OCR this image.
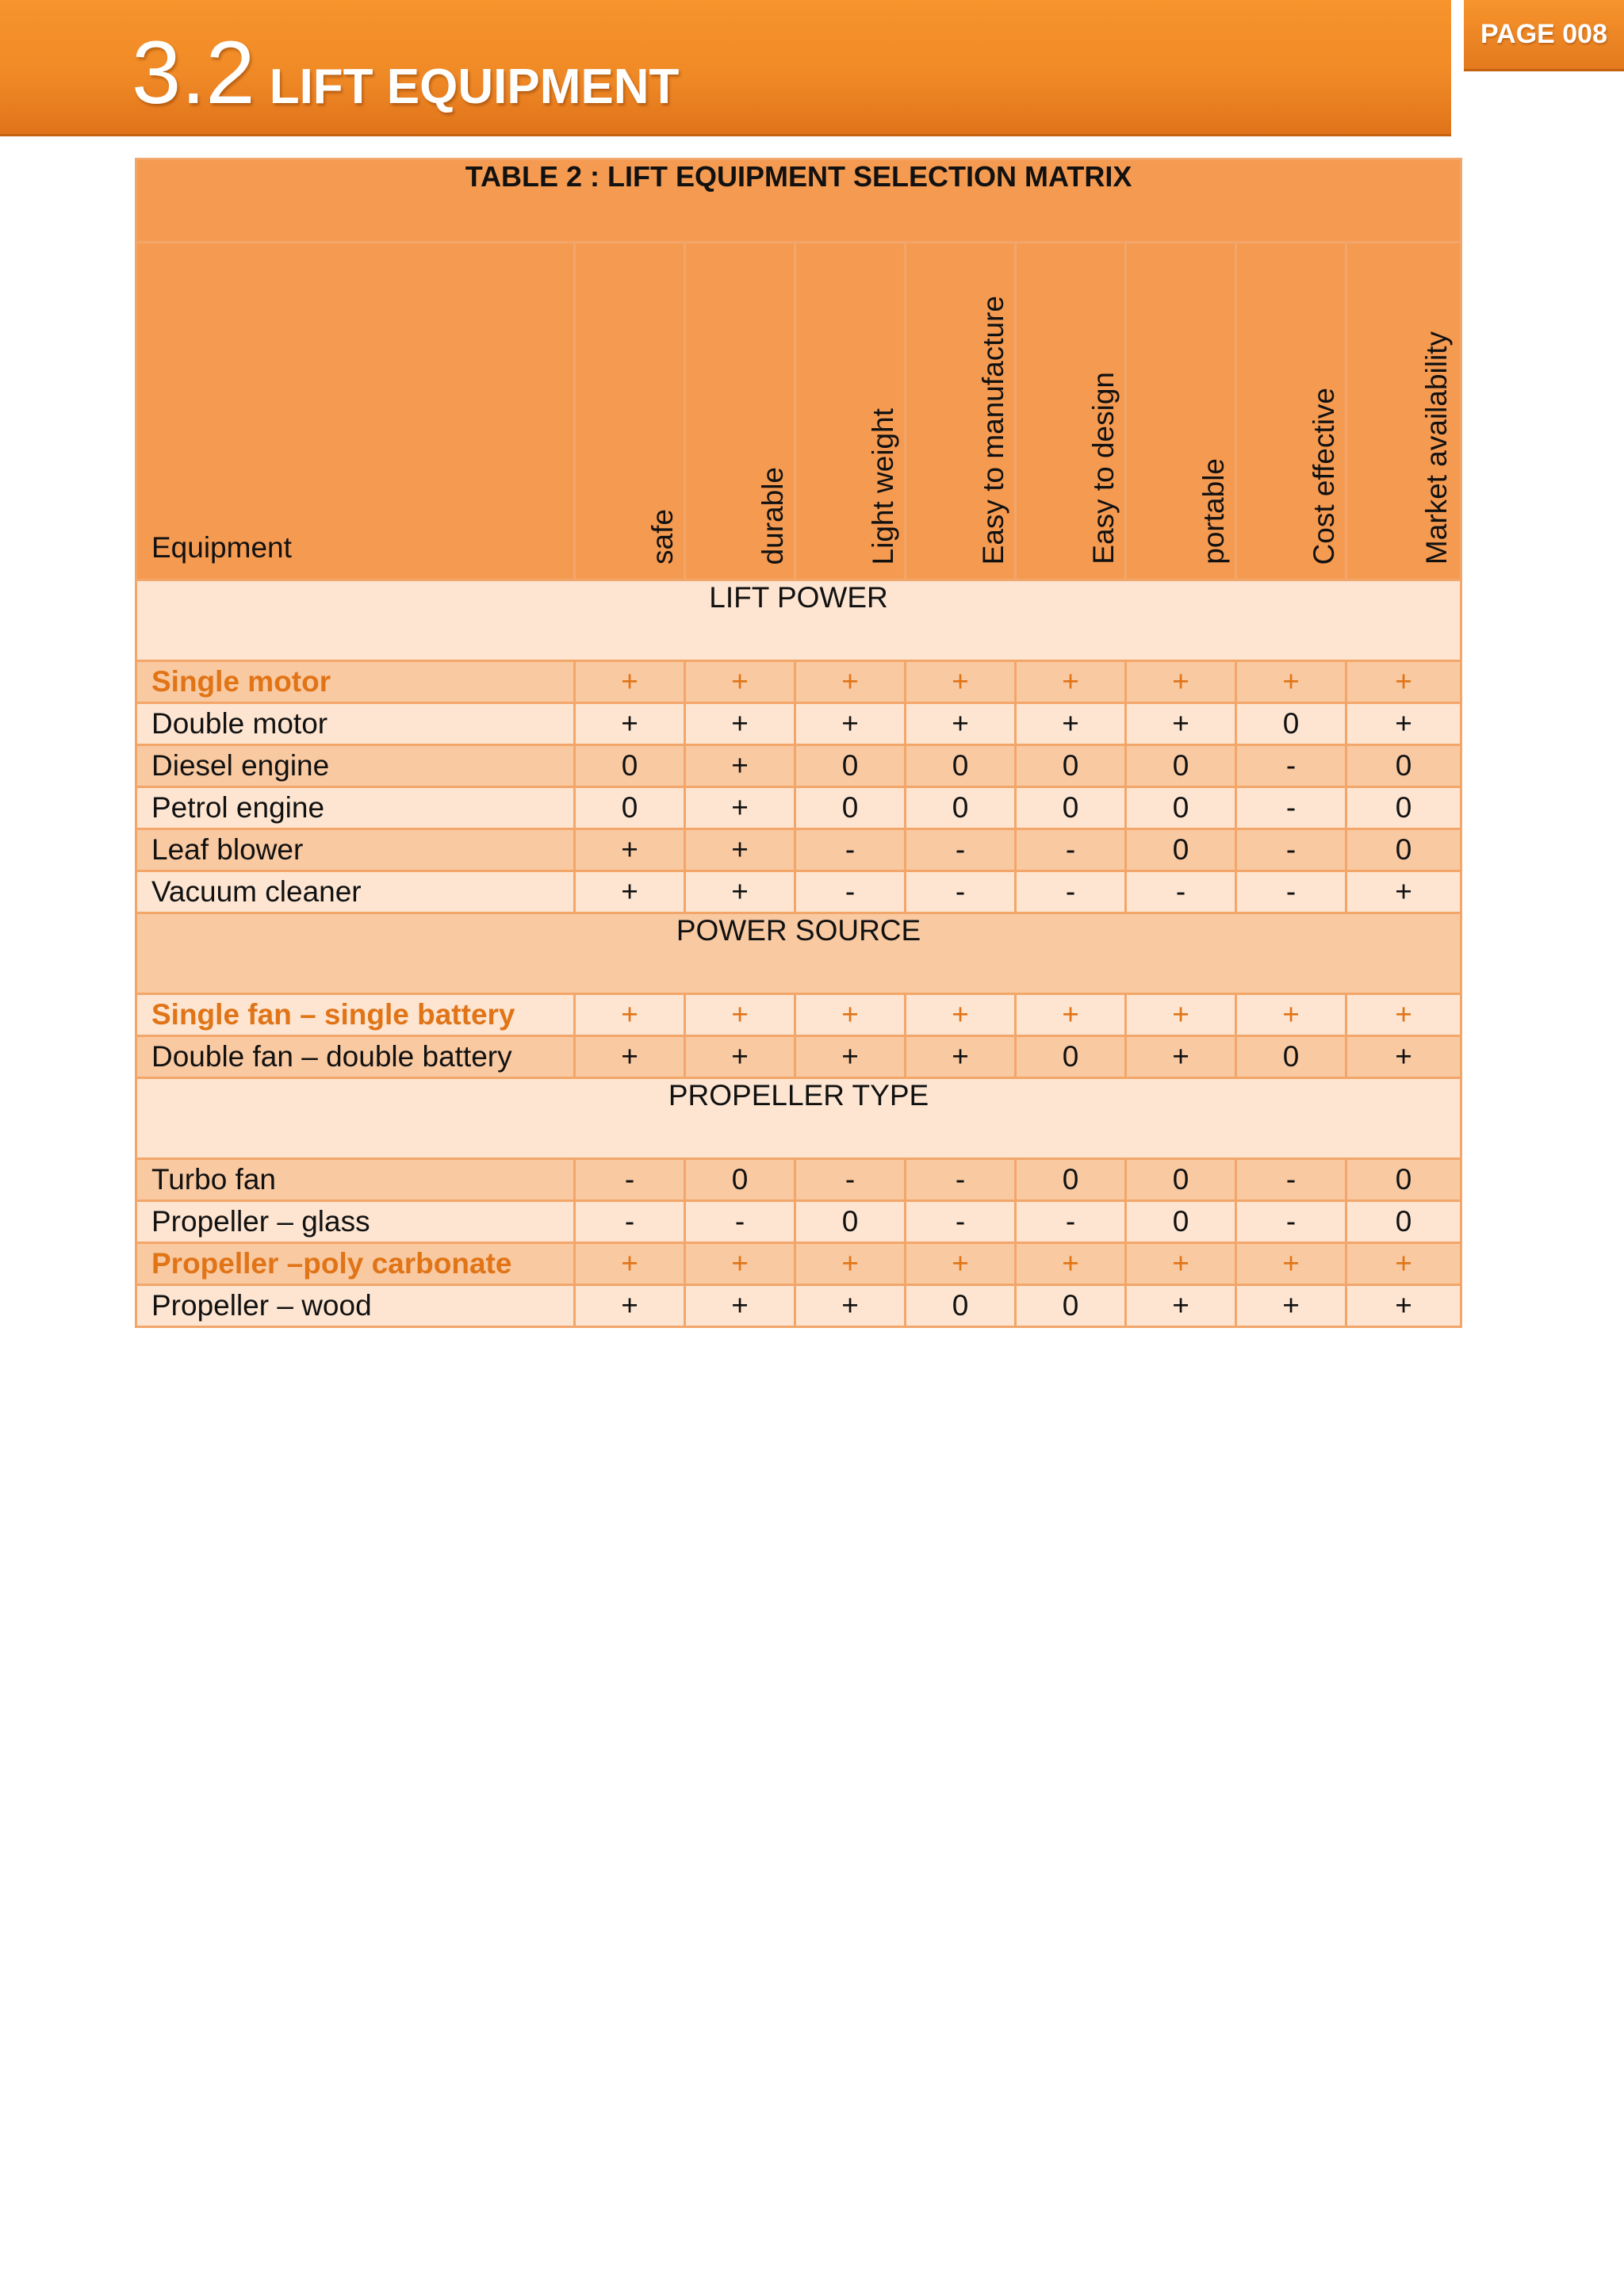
3.2 LIFT EQUIPMENT
PAGE 008
TABLE 2 : LIFT EQUIPMENT SELECTION MATRIX								
Equipment	safe	durable	Light weight	Easy to manufacture	Easy to design	portable	Cost effective	Market availability

LIFT POWER								
Single motor	+	+	+	+	+	+	+	+
Double motor	+	+	+	+	+	+	0	+
Diesel engine	0	+	0	0	0	0	-	0
Petrol engine	0	+	0	0	0	0	-	0
Leaf blower	+	+	-	-	-	0	-	0
Vacuum cleaner	+	+	-	-	-	-	-	+
POWER SOURCE								
Single fan – single battery	+	+	+	+	+	+	+	+
Double fan – double battery	+	+	+	+	0	+	0	+
PROPELLER TYPE								
Turbo fan	-	0	-	-	0	0	-	0
Propeller – glass	-	-	0	-	-	0	-	0
Propeller –poly carbonate	+	+	+	+	+	+	+	+
Propeller – wood	+	+	+	0	0	+	+	+
